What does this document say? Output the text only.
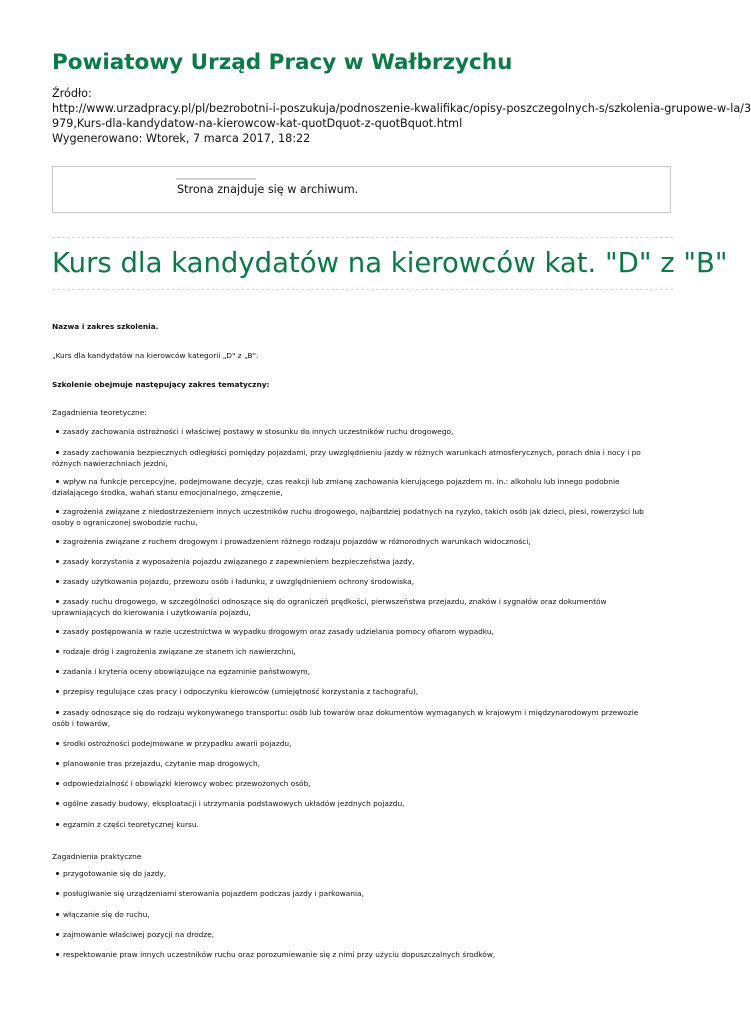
Powiatowy Urząd Pracy w Wałbrzychu
Źródło:
http://www.urzadpracy.pl/pl/bezrobotni-i-poszukuja/podnoszenie-kwalifikac/opisy-poszczegolnych-s/szkolenia-grupowe-w-la/3
979,Kurs-dla-kandydatow-na-kierowcow-kat-quotDquot-z-quotBquot.html
Wygenerowano: Wtorek, 7 marca 2017, 18:22
Strona znajduje się w archiwum.
Kurs dla kandydatów na kierowców kat. "D" z "B"
Nazwa i zakres szkolenia.
„Kurs dla kandydatów na kierowców kategorii „D" z „B".
Szkolenie obejmuje następujący zakres tematyczny:
Zagadnienia teoretyczne:
zasady zachowania ostrożności i właściwej postawy w stosunku do innych uczestników ruchu drogowego,
zasady zachowania bezpiecznych odległości pomiędzy pojazdami, przy uwzględnieniu jazdy w różnych warunkach atmosferycznych, porach dnia i nocy i po różnych nawierzchniach jezdni,
wpływ na funkcje percepcyjne, podejmowane decyzje, czas reakcji lub zmianę zachowania kierującego pojazdem m. in.: alkoholu lub innego podobnie działającego środka, wahań stanu emocjonalnego, zmęczenie,
zagrożenia związane z niedostrzeżeniem innych uczestników ruchu drogowego, najbardziej podatnych na ryzyko, takich osób jak dzieci, piesi, rowerzyści lub osoby o ograniczonej swobodzie ruchu,
zagrożenia związane z ruchem drogowym i prowadzeniem różnego rodzaju pojazdów w różnorodnych warunkach widoczności,
zasady korzystania z wyposażenia pojazdu związanego z zapewnieniem bezpieczeństwa jazdy,
zasady użytkowania pojazdu, przewozu osób i ładunku, z uwzględnieniem ochrony środowiska,
zasady ruchu drogowego, w szczególności odnoszące się do ograniczeń prędkości, pierwszeństwa przejazdu, znaków i sygnałów oraz dokumentów uprawniających do kierowania i użytkowania pojazdu,
zasady postępowania w razie uczestnictwa w wypadku drogowym oraz zasady udzielania pomocy ofiarom wypadku,
rodzaje dróg i zagrożenia związane ze stanem ich nawierzchni,
zadania i kryteria oceny obowiązujące na egzaminie państwowym,
przepisy regulujące czas pracy i odpoczynku kierowców (umiejętność korzystania z tachografu),
zasady odnoszące się do rodzaju wykonywanego transportu: osób lub towarów oraz dokumentów wymaganych w krajowym i międzynarodowym przewozie osób i towarów,
środki ostrożności podejmowane w przypadku awarii pojazdu,
planowanie tras przejazdu, czytanie map drogowych,
odpowiedzialność i obowiązki kierowcy wobec przewożonych osób,
ogólne zasady budowy, eksploatacji i utrzymania podstawowych układów jezdnych pojazdu,
egzamin z części teoretycznej kursu.
Zagadnienia praktyczne
przygotowanie się do jazdy,
posługiwanie się urządzeniami sterowania pojazdem podczas jazdy i parkowania,
włączanie się do ruchu,
zajmowanie właściwej pozycji na drodze,
respektowanie praw innych uczestników ruchu oraz porozumiewanie się z nimi przy użyciu dopuszczalnych środków,
